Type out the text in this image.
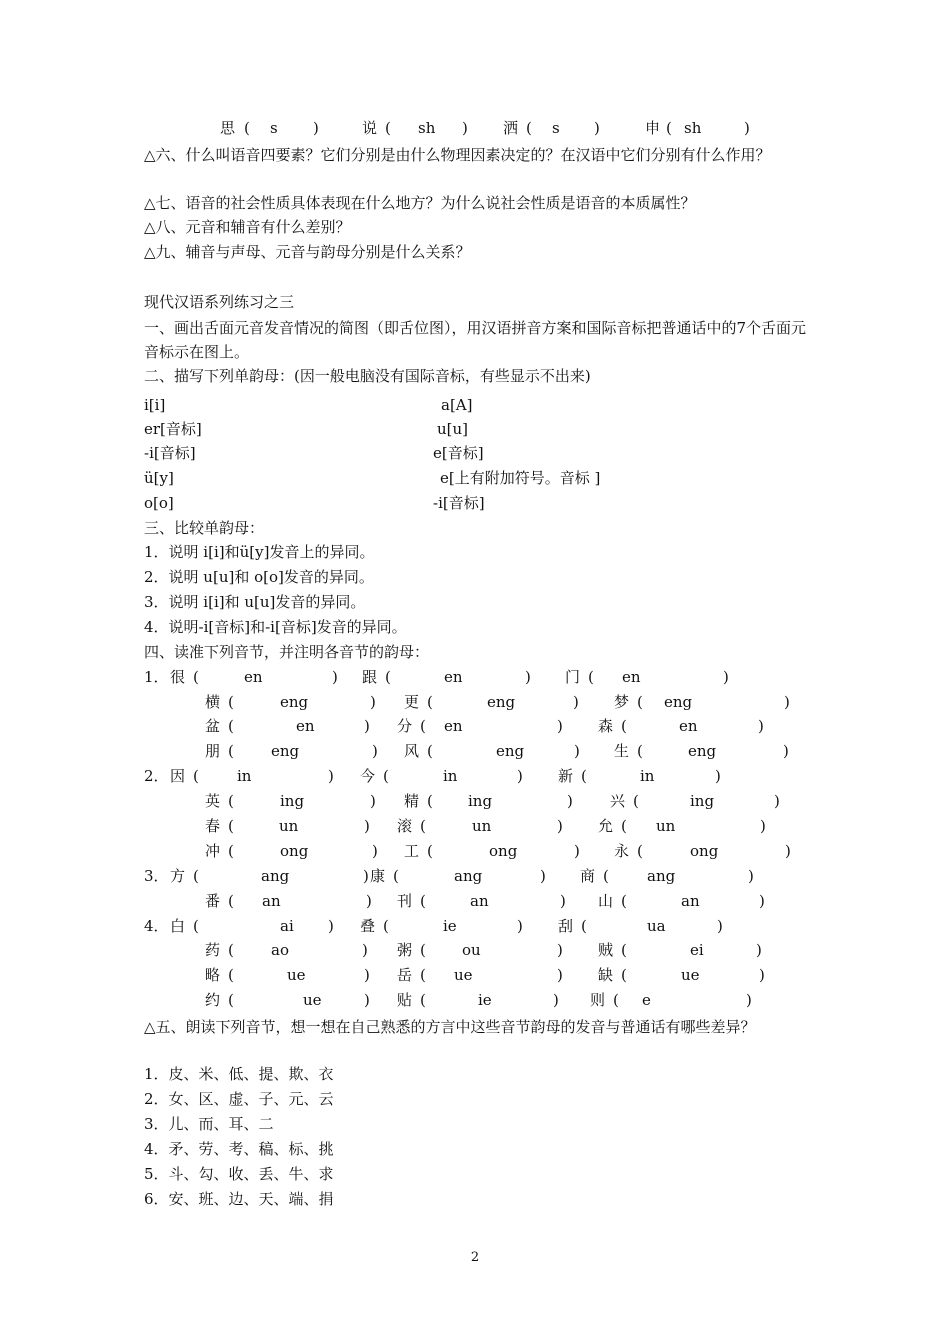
思 ( s )	说 ( sh ) 洒 ( s )	申 ( sh	)
△六、什么叫语音四要素？它们分别是由什么物理因素决定的？在汉语中它们分别有什么作用？
△七、语音的社会性质具体表现在什么地方？为什么说社会性质是语音的本质属性？
△八、元音和辅音有什么差别？
△九、辅音与声母、元音与韵母分别是什么关系？
现代汉语系列练习之三
一、画出舌面元音发音情况的简图（即舌位图），用汉语拼音方案和国际音标把普通话中的7个舌面元音标示在图上。
二、描写下列单韵母：(因一般电脑没有国际音标，有些显示不出来)
i[i]	a[A]
er[音标]	u[u]
-i[音标]	e[音标]
ü[y]	e[上有附加符号。音标 ]
o[o]	-i[音标]
三、比较单韵母：
1．说明 i[i]和ü[y]发音上的异同。
2．说明 u[u]和 o[o]发音的异同。
3．说明 i[i]和 u[u]发音的异同。
4．说明-i[音标]和-i[音标]发音的异同。
四、读准下列音节，并注明各音节的韵母：
1． 很 (	en	) 跟 (	en	) 门 ( en	)
横 (	eng	) 更 (	eng	) 梦 ( eng	)
盆 (	en	) 分 ( en	) 森 (	en	)
朋 ( eng	) 风 (	eng	) 生 (	eng	)
2． 因 (	in	) 今 (	in	) 新 (	in	)
英 (	ing	) 精 ( ing	) 兴 (	ing	)
春 (	un	) 滚 (	un	) 允 ( un	)
冲 (	ong	) 工 (	ong	) 永 (	ong	)
3． 方 (	ang	) 康 (	ang	) 商 (	ang	)
番 ( an	) 刊 (	an	) 山 (	an	)
4． 白 (	ai ) 叠 (	ie	) 刮 (	ua	)
药 ( ao	) 粥 ( ou	) 贼 (	ei	)
略 (	ue	) 岳 ( ue	) 缺 (	ue	)
约 (	ue	) 贴 (	ie	) 则 ( e	)
△五、朗读下列音节，想一想在自己熟悉的方言中这些音节韵母的发音与普通话有哪些差异？
1．皮、米、低、提、欺、衣
2．女、区、虚、子、元、云
3．儿、而、耳、二
4．矛、劳、考、稿、标、挑
5．斗、勾、收、丢、牛、求
6．安、班、边、天、端、捐
2
